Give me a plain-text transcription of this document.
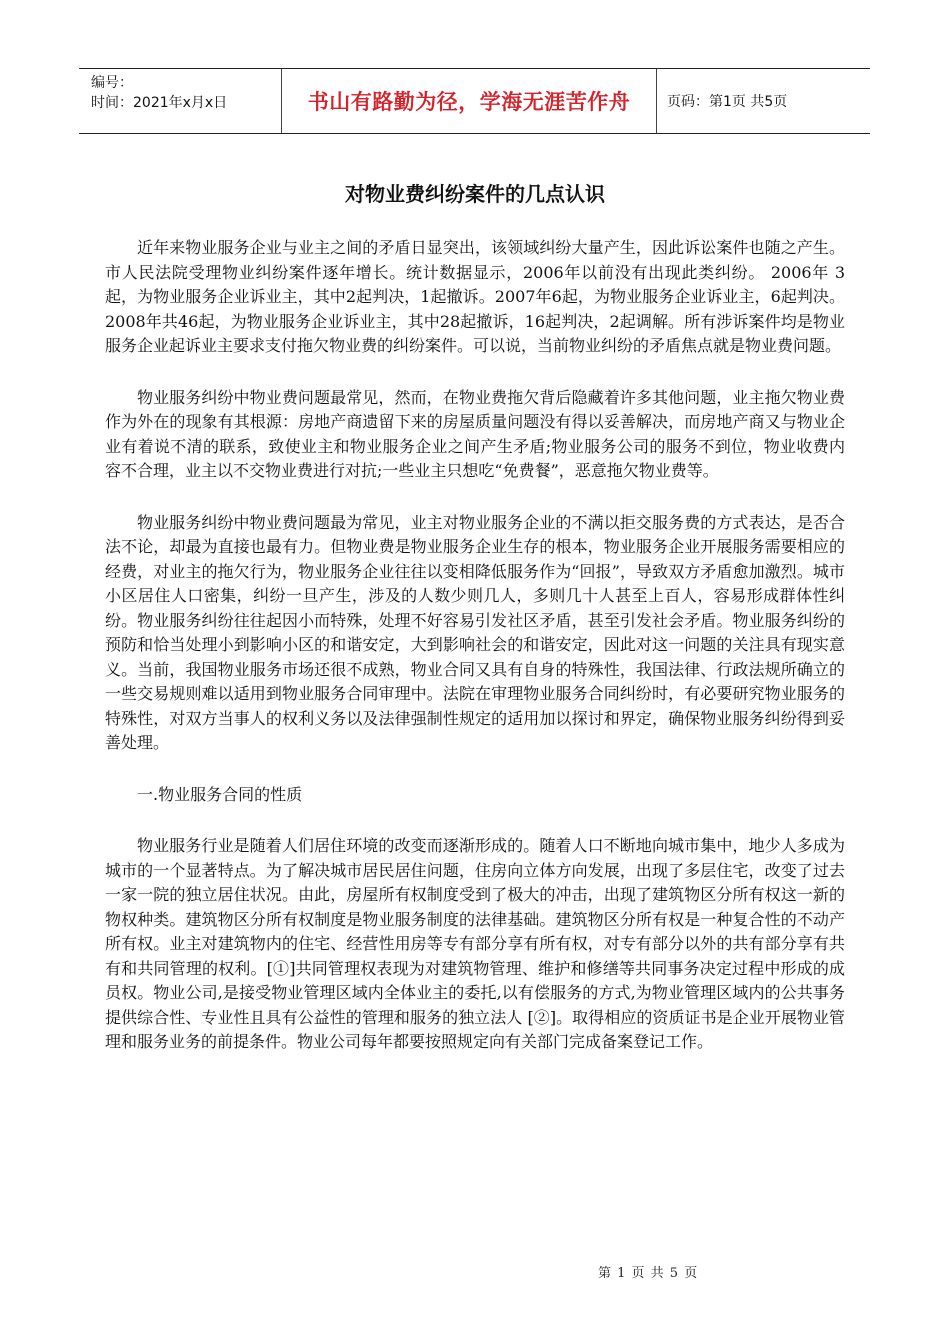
编号：
时间：2021年x月x日	书山有路勤为径，学海无涯苦作舟	页码：第1页 共5页
对物业费纠纷案件的几点认识

近年来物业服务企业与业主之间的矛盾日显突出，该领域纠纷大量产生，因此诉讼案件也随之产生。市人民法院受理物业纠纷案件逐年增长。统计数据显示，2006年以前没有出现此类纠纷。 2006年 3起，为物业服务企业诉业主，其中2起判决，1起撤诉。2007年6起，为物业服务企业诉业主，6起判决。2008年共46起，为物业服务企业诉业主，其中28起撤诉，16起判决，2起调解。所有涉诉案件均是物业服务企业起诉业主要求支付拖欠物业费的纠纷案件。可以说，当前物业纠纷的矛盾焦点就是物业费问题。

物业服务纠纷中物业费问题最常见，然而，在物业费拖欠背后隐藏着许多其他问题，业主拖欠物业费作为外在的现象有其根源：房地产商遗留下来的房屋质量问题没有得以妥善解决，而房地产商又与物业企业有着说不清的联系，致使业主和物业服务企业之间产生矛盾;物业服务公司的服务不到位，物业收费内容不合理，业主以不交物业费进行对抗;一些业主只想吃“免费餐”，恶意拖欠物业费等。

物业服务纠纷中物业费问题最为常见，业主对物业服务企业的不满以拒交服务费的方式表达，是否合法不论，却最为直接也最有力。但物业费是物业服务企业生存的根本，物业服务企业开展服务需要相应的经费，对业主的拖欠行为，物业服务企业往往以变相降低服务作为“回报”，导致双方矛盾愈加激烈。城市小区居住人口密集，纠纷一旦产生，涉及的人数少则几人，多则几十人甚至上百人，容易形成群体性纠纷。物业服务纠纷往往起因小而特殊，处理不好容易引发社区矛盾，甚至引发社会矛盾。物业服务纠纷的预防和恰当处理小到影响小区的和谐安定，大到影响社会的和谐安定，因此对这一问题的关注具有现实意义。当前，我国物业服务市场还很不成熟，物业合同又具有自身的特殊性，我国法律、行政法规所确立的一些交易规则难以适用到物业服务合同审理中。法院在审理物业服务合同纠纷时，有必要研究物业服务的特殊性，对双方当事人的权利义务以及法律强制性规定的适用加以探讨和界定，确保物业服务纠纷得到妥善处理。

一.物业服务合同的性质

物业服务行业是随着人们居住环境的改变而逐渐形成的。随着人口不断地向城市集中，地少人多成为城市的一个显著特点。为了解决城市居民居住问题，住房向立体方向发展，出现了多层住宅，改变了过去一家一院的独立居住状况。由此，房屋所有权制度受到了极大的冲击，出现了建筑物区分所有权这一新的物权种类。建筑物区分所有权制度是物业服务制度的法律基础。建筑物区分所有权是一种复合性的不动产所有权。业主对建筑物内的住宅、经营性用房等专有部分享有所有权，对专有部分以外的共有部分享有共有和共同管理的权利。[①]共同管理权表现为对建筑物管理、维护和修缮等共同事务决定过程中形成的成员权。物业公司,是接受物业管理区域内全体业主的委托,以有偿服务的方式,为物业管理区域内的公共事务提供综合性、专业性且具有公益性的管理和服务的独立法人 [②]。取得相应的资质证书是企业开展物业管理和服务业务的前提条件。物业公司每年都要按照规定向有关部门完成备案登记工作。

第 1 页 共 5 页
